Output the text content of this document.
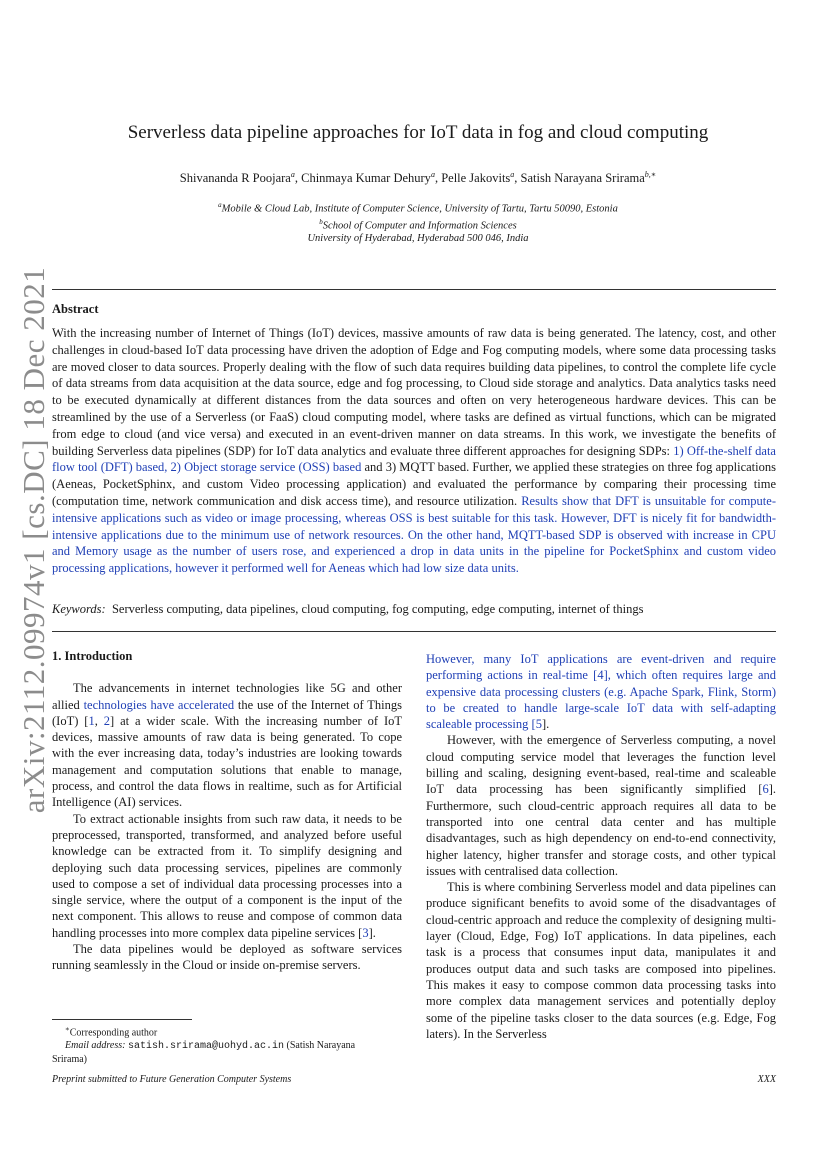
arXiv:2112.09974v1 [cs.DC] 18 Dec 2021
Serverless data pipeline approaches for IoT data in fog and cloud computing
Shivananda R Poojara$^a$, Chinmaya Kumar Dehury$^a$, Pelle Jakovits$^a$, Satish Narayana Srirama$^{b,∗}$
$^a$Mobile & Cloud Lab, Institute of Computer Science, University of Tartu, Tartu 50090, Estonia
$^b$School of Computer and Information Sciences
University of Hyderabad, Hyderabad 500 046, India
Abstract

With the increasing number of Internet of Things (IoT) devices, massive amounts of raw data is being generated. The latency, cost, and other challenges in cloud-based IoT data processing have driven the adoption of Edge and Fog computing models, where some data processing tasks are moved closer to data sources. Properly dealing with the flow of such data requires building data pipelines, to control the complete life cycle of data streams from data acquisition at the data source, edge and fog processing, to Cloud side storage and analytics. Data analytics tasks need to be executed dynamically at different distances from the data sources and often on very heterogeneous hardware devices. This can be streamlined by the use of a Serverless (or FaaS) cloud computing model, where tasks are defined as virtual functions, which can be migrated from edge to cloud (and vice versa) and executed in an event-driven manner on data streams. In this work, we investigate the benefits of building Serverless data pipelines (SDP) for IoT data analytics and evaluate three different approaches for designing SDPs: 1) Off-the-shelf data flow tool (DFT) based, 2) Object storage service (OSS) based and 3) MQTT based. Further, we applied these strategies on three fog applications (Aeneas, PocketSphinx, and custom Video processing application) and evaluated the performance by comparing their processing time (computation time, network communication and disk access time), and resource utilization. Results show that DFT is unsuitable for compute-intensive applications such as video or image processing, whereas OSS is best suitable for this task. However, DFT is nicely fit for bandwidth-intensive applications due to the minimum use of network resources. On the other hand, MQTT-based SDP is observed with increase in CPU and Memory usage as the number of users rose, and experienced a drop in data units in the pipeline for PocketSphinx and custom video processing applications, however it performed well for Aeneas which had low size data units.

Keywords: Serverless computing, data pipelines, cloud computing, fog computing, edge computing, internet of things
1. Introduction

The advancements in internet technologies like 5G and other allied technologies have accelerated the use of the Internet of Things (IoT) [1, 2] at a wider scale. With the increasing number of IoT devices, massive amounts of raw data is being generated. To cope with the ever increasing data, today’s industries are looking towards management and computation solutions that enable to manage, process, and control the data flows in realtime, such as for Artificial Intelligence (AI) services.

To extract actionable insights from such raw data, it needs to be preprocessed, transported, transformed, and analyzed before useful knowledge can be extracted from it. To simplify designing and deploying such data processing services, pipelines are commonly used to compose a set of individual data processing processes into a single service, where the output of a component is the input of the next component. This allows to reuse and compose of common data handling processes into more complex data pipeline services [3].

The data pipelines would be deployed as software services running seamlessly in the Cloud or inside on-premise servers.

However, many IoT applications are event-driven and require performing actions in real-time [4], which often requires large and expensive data processing clusters (e.g. Apache Spark, Flink, Storm) to be created to handle large-scale IoT data with self-adapting scaleable processing [5].

However, with the emergence of Serverless computing, a novel cloud computing service model that leverages the function level billing and scaling, designing event-based, real-time and scaleable IoT data processing has been significantly simplified [6]. Furthermore, such cloud-centric approach requires all data to be transported into one central data center and has multiple disadvantages, such as high dependency on end-to-end connectivity, higher latency, higher transfer and storage costs, and other typical issues with centralised data collection.

This is where combining Serverless model and data pipelines can produce significant benefits to avoid some of the disadvantages of cloud-centric approach and reduce the complexity of designing multi-layer (Cloud, Edge, Fog) IoT applications. In data pipelines, each task is a process that consumes input data, manipulates it and produces output data and such tasks are composed into pipelines. This makes it easy to compose common data processing tasks into more complex data management services and potentially deploy some of the pipeline tasks closer to the data sources (e.g. Edge, Fog laters). In the Serverless

∗Corresponding author

Email address: satish.srirama@uohyd.ac.in (Satish Narayana

Srirama)

Preprint submitted to Future Generation Computer Systems	XXX
